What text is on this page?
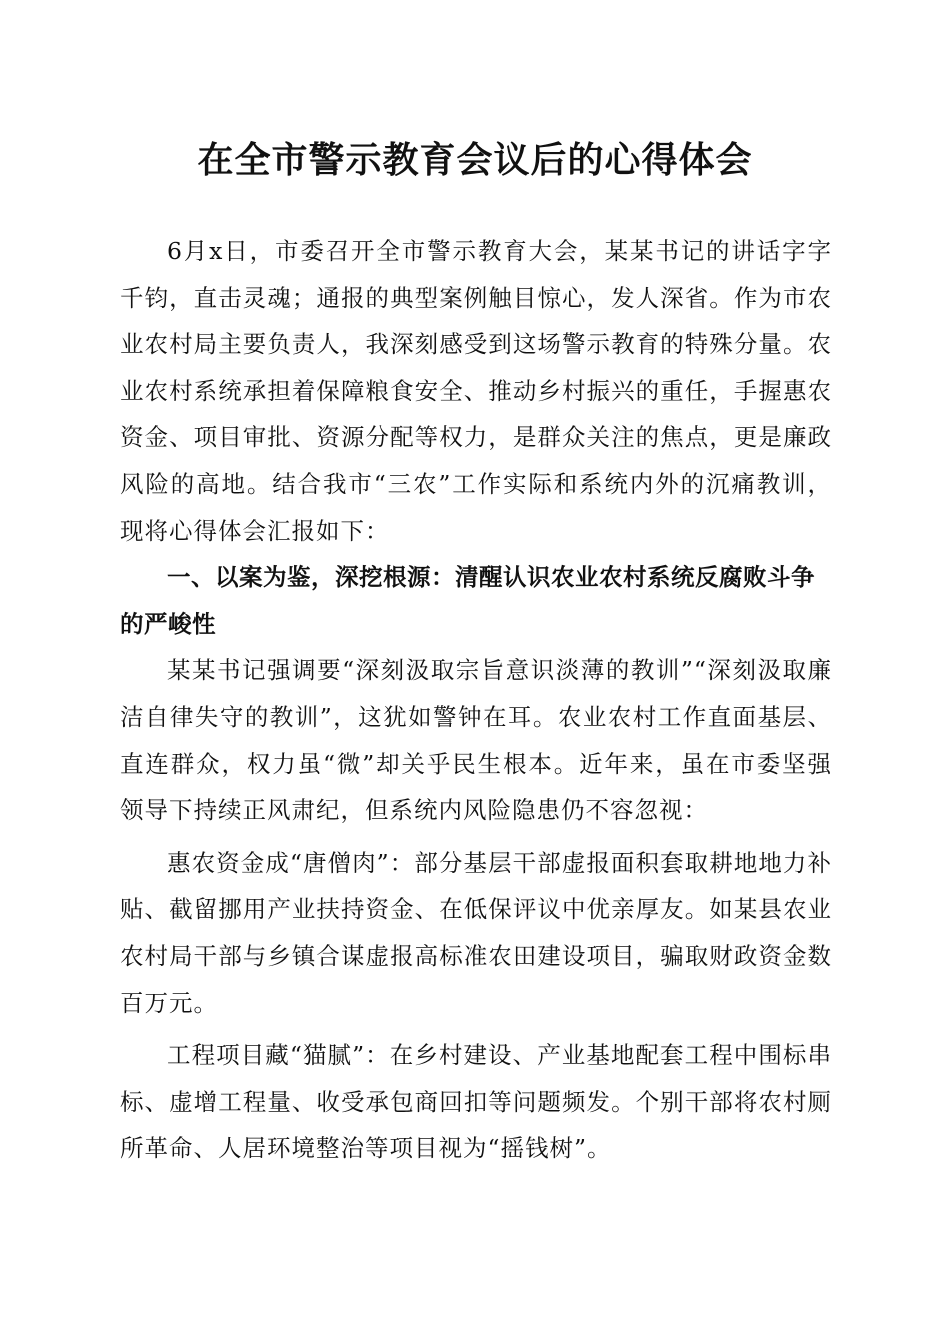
在全市警示教育会议后的心得体会

6月x日，市委召开全市警示教育大会，某某书记的讲话字字千钧，直击灵魂；通报的典型案例触目惊心，发人深省。作为市农业农村局主要负责人，我深刻感受到这场警示教育的特殊分量。农业农村系统承担着保障粮食安全、推动乡村振兴的重任，手握惠农资金、项目审批、资源分配等权力，是群众关注的焦点，更是廉政风险的高地。结合我市“三农”工作实际和系统内外的沉痛教训，现将心得体会汇报如下：

一、以案为鉴，深挖根源：清醒认识农业农村系统反腐败斗争的严峻性

某某书记强调要“深刻汲取宗旨意识淡薄的教训”“深刻汲取廉洁自律失守的教训”，这犹如警钟在耳。农业农村工作直面基层、直连群众，权力虽“微”却关乎民生根本。近年来，虽在市委坚强领导下持续正风肃纪，但系统内风险隐患仍不容忽视：

惠农资金成“唐僧肉”：部分基层干部虚报面积套取耕地地力补贴、截留挪用产业扶持资金、在低保评议中优亲厚友。如某县农业农村局干部与乡镇合谋虚报高标准农田建设项目，骗取财政资金数百万元。

工程项目藏“猫腻”：在乡村建设、产业基地配套工程中围标串标、虚增工程量、收受承包商回扣等问题频发。个别干部将农村厕所革命、人居环境整治等项目视为“摇钱树”。
